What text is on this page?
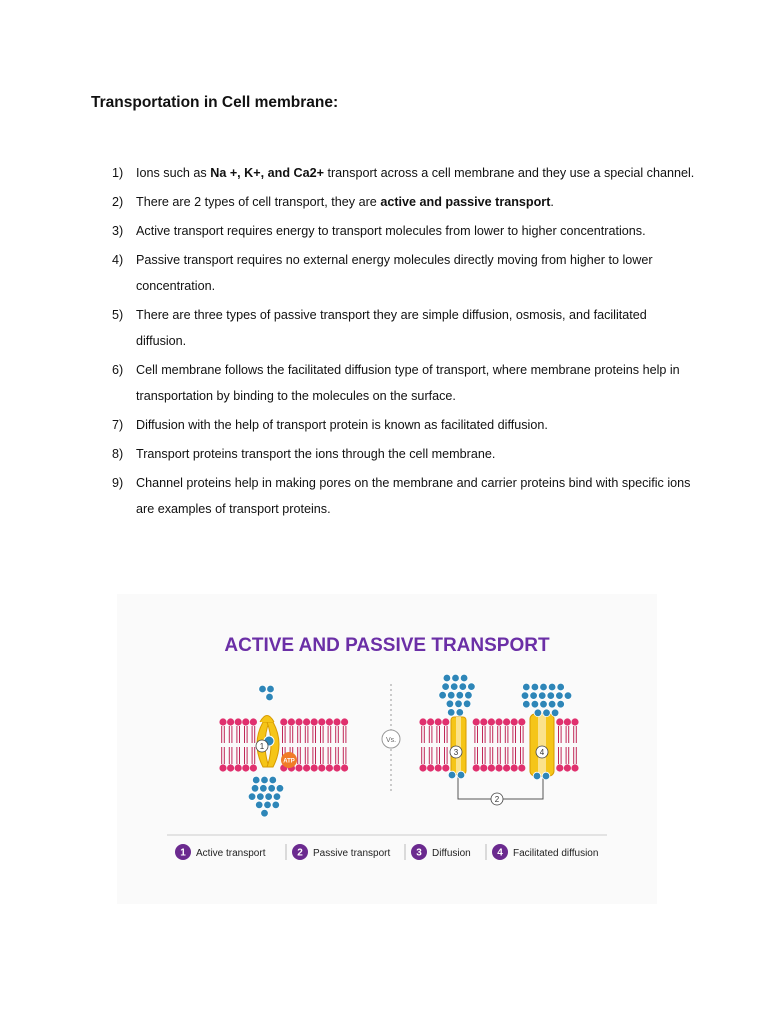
Transportation in Cell membrane:
1) Ions such as Na +, K+, and Ca2+ transport across a cell membrane and they use a special channel.
2) There are 2 types of cell transport, they are active and passive transport.
3) Active transport requires energy to transport molecules from lower to higher concentrations.
4) Passive transport requires no external energy molecules directly moving from higher to lower concentration.
5) There are three types of passive transport they are simple diffusion, osmosis, and facilitated diffusion.
6) Cell membrane follows the facilitated diffusion type of transport, where membrane proteins help in transportation by binding to the molecules on the surface.
7) Diffusion with the help of transport protein is known as facilitated diffusion.
8) Transport proteins transport the ions through the cell membrane.
9) Channel proteins help in making pores on the membrane and carrier proteins bind with specific ions are examples of transport proteins.
ACTIVE AND PASSIVE TRANSPORT
Vs.
ATP
1
2
3	4
1 Active transport	2 Passive transport	3 Diffusion	4 Facilitated diffusion
